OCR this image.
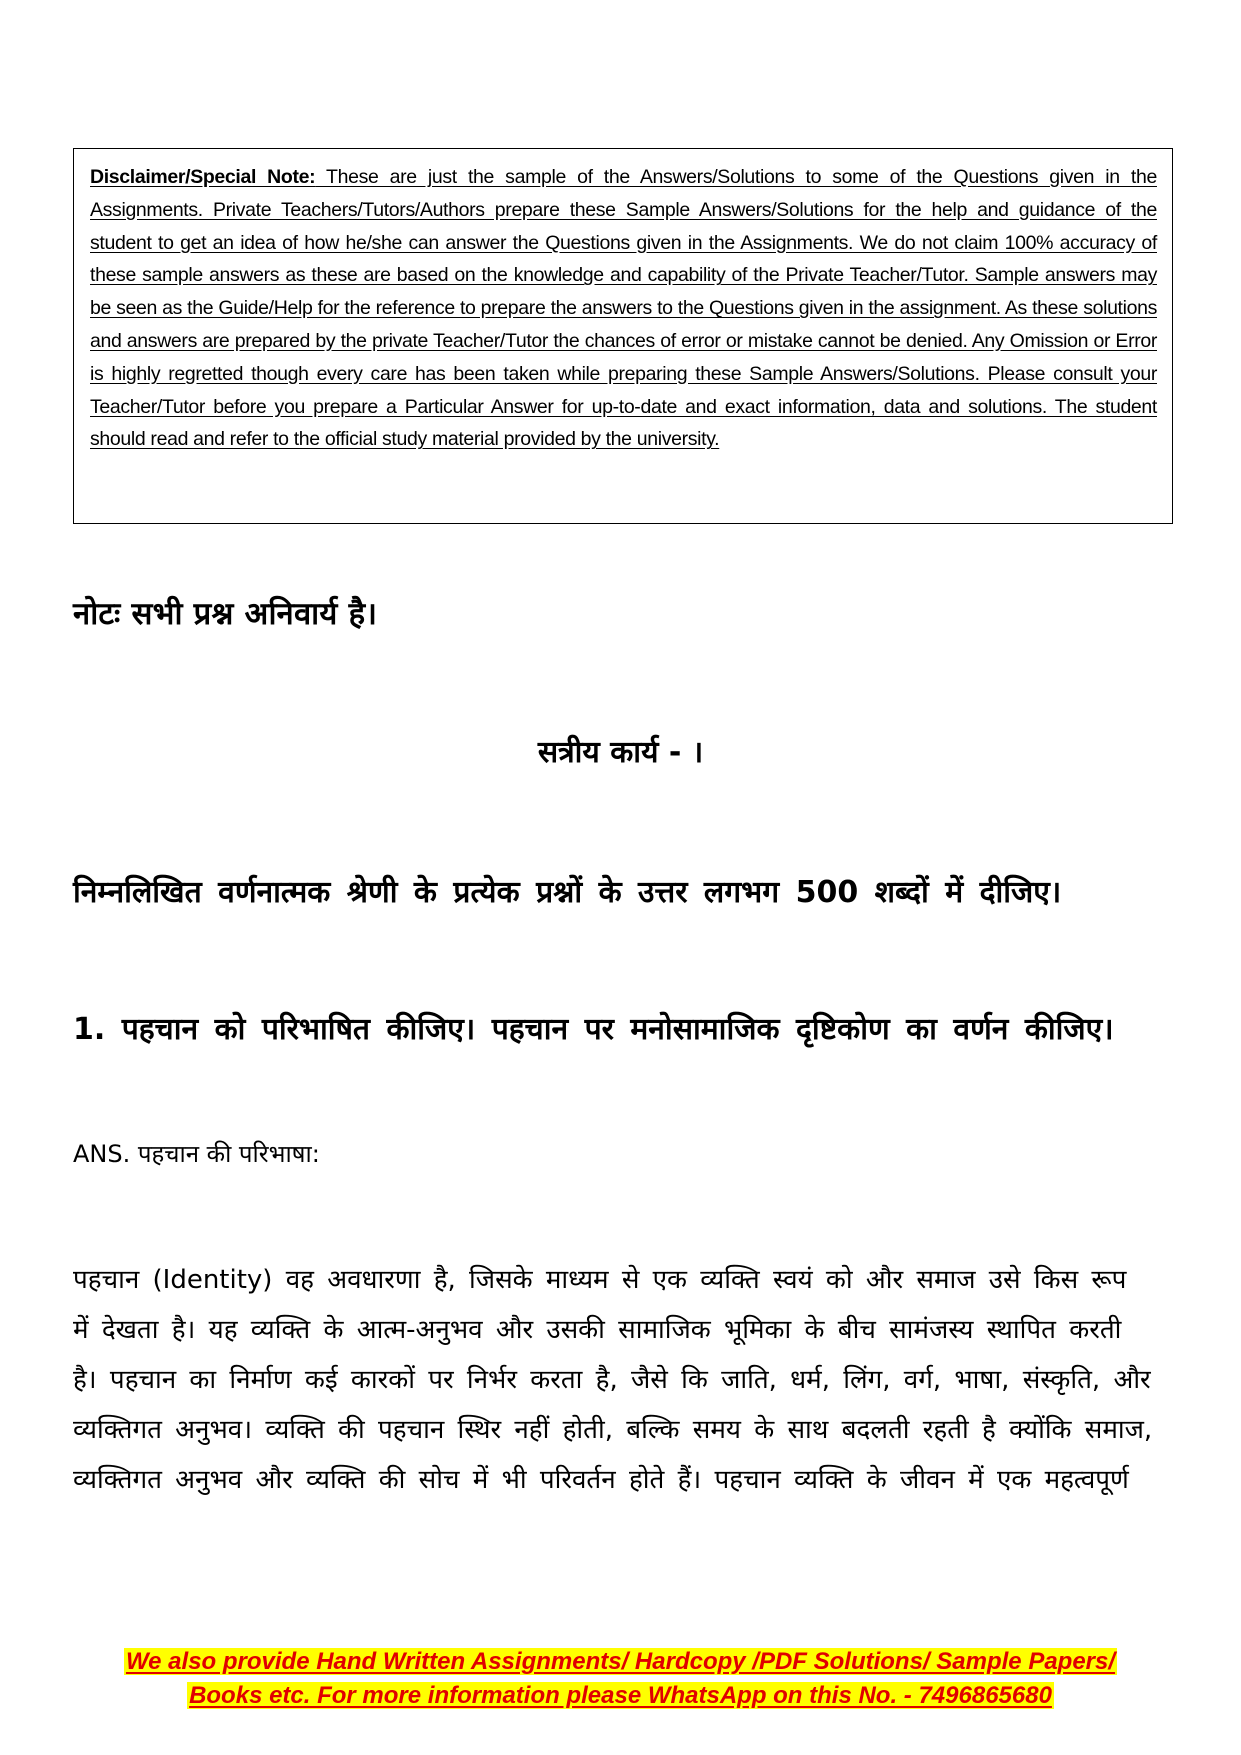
Disclaimer/Special Note: These are just the sample of the Answers/Solutions to some of the Questions given in the Assignments. Private Teachers/Tutors/Authors prepare these Sample Answers/Solutions for the help and guidance of the student to get an idea of how he/she can answer the Questions given in the Assignments. We do not claim 100% accuracy of these sample answers as these are based on the knowledge and capability of the Private Teacher/Tutor. Sample answers may be seen as the Guide/Help for the reference to prepare the answers to the Questions given in the assignment. As these solutions and answers are prepared by the private Teacher/Tutor the chances of error or mistake cannot be denied. Any Omission or Error is highly regretted though every care has been taken while preparing these Sample Answers/Solutions. Please consult your Teacher/Tutor before you prepare a Particular Answer for up-to-date and exact information, data and solutions. The student should read and refer to the official study material provided by the university.

नोटः सभी प्रश्न अनिवार्य है।

सत्रीय कार्य - ।

निम्नलिखित वर्णनात्मक श्रेणी के प्रत्येक प्रश्नों के उत्तर लगभग 500 शब्दों में दीजिए।

1. पहचान को परिभाषित कीजिए। पहचान पर मनोसामाजिक दृष्टिकोण का वर्णन कीजिए।

ANS. पहचान की परिभाषा:

पहचान (Identity) वह अवधारणा है, जिसके माध्यम से एक व्यक्ति स्वयं को और समाज उसे किस रूप में देखता है। यह व्यक्ति के आत्म-अनुभव और उसकी सामाजिक भूमिका के बीच सामंजस्य स्थापित करती है। पहचान का निर्माण कई कारकों पर निर्भर करता है, जैसे कि जाति, धर्म, लिंग, वर्ग, भाषा, संस्कृति, और व्यक्तिगत अनुभव। व्यक्ति की पहचान स्थिर नहीं होती, बल्कि समय के साथ बदलती रहती है क्योंकि समाज, व्यक्तिगत अनुभव और व्यक्ति की सोच में भी परिवर्तन होते हैं। पहचान व्यक्ति के जीवन में एक महत्वपूर्ण

We also provide Hand Written Assignments/ Hardcopy /PDF Solutions/ Sample Papers/
Books etc. For more information please WhatsApp on this No. - 7496865680
